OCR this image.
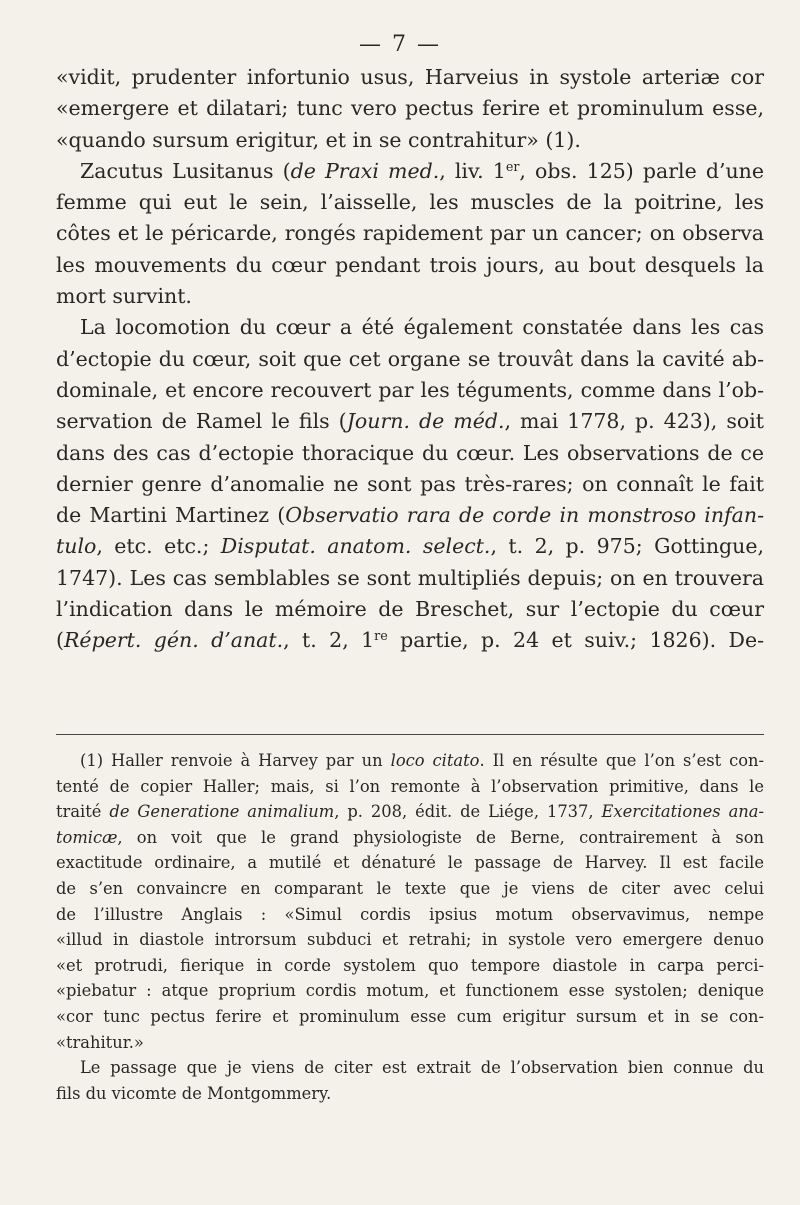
— 7 —
«vidit, prudenter infortunio usus, Harveius in systole arteriæ cor
«emergere et dilatari; tunc vero pectus ferire et prominulum esse,
«quando sursum erigitur, et in se contrahitur» (1).
Zacutus Lusitanus (de Praxi med., liv. 1er, obs. 125) parle d’une
femme qui eut le sein, l’aisselle, les muscles de la poitrine, les
côtes et le péricarde, rongés rapidement par un cancer; on observa
les mouvements du cœur pendant trois jours, au bout desquels la
mort survint.
La locomotion du cœur a été également constatée dans les cas
d’ectopie du cœur, soit que cet organe se trouvât dans la cavité ab-
dominale, et encore recouvert par les téguments, comme dans l’ob-
servation de Ramel le fils (Journ. de méd., mai 1778, p. 423), soit
dans des cas d’ectopie thoracique du cœur. Les observations de ce
dernier genre d’anomalie ne sont pas très-rares; on connaît le fait
de Martini Martinez (Observatio rara de corde in monstroso infan-
tulo, etc. etc.; Disputat. anatom. select., t. 2, p. 975; Gottingue,
1747). Les cas semblables se sont multipliés depuis; on en trouvera
l’indication dans le mémoire de Breschet, sur l’ectopie du cœur
(Répert. gén. d’anat., t. 2, 1re partie, p. 24 et suiv.; 1826). De-
(1) Haller renvoie à Harvey par un loco citato. Il en résulte que l’on s’est con-
tenté de copier Haller; mais, si l’on remonte à l’observation primitive, dans le
traité de Generatione animalium, p. 208, édit. de Liége, 1737, Exercitationes ana-
tomicæ, on voit que le grand physiologiste de Berne, contrairement à son
exactitude ordinaire, a mutilé et dénaturé le passage de Harvey. Il est facile
de s’en convaincre en comparant le texte que je viens de citer avec celui
de l’illustre Anglais : «Simul cordis ipsius motum observavimus, nempe
«illud in diastole introrsum subduci et retrahi; in systole vero emergere denuo
«et protrudi, fierique in corde systolem quo tempore diastole in carpa perci-
«piebatur : atque proprium cordis motum, et functionem esse systolen; denique
«cor tunc pectus ferire et prominulum esse cum erigitur sursum et in se con-
«trahitur.»
Le passage que je viens de citer est extrait de l’observation bien connue du
fils du vicomte de Montgommery.
